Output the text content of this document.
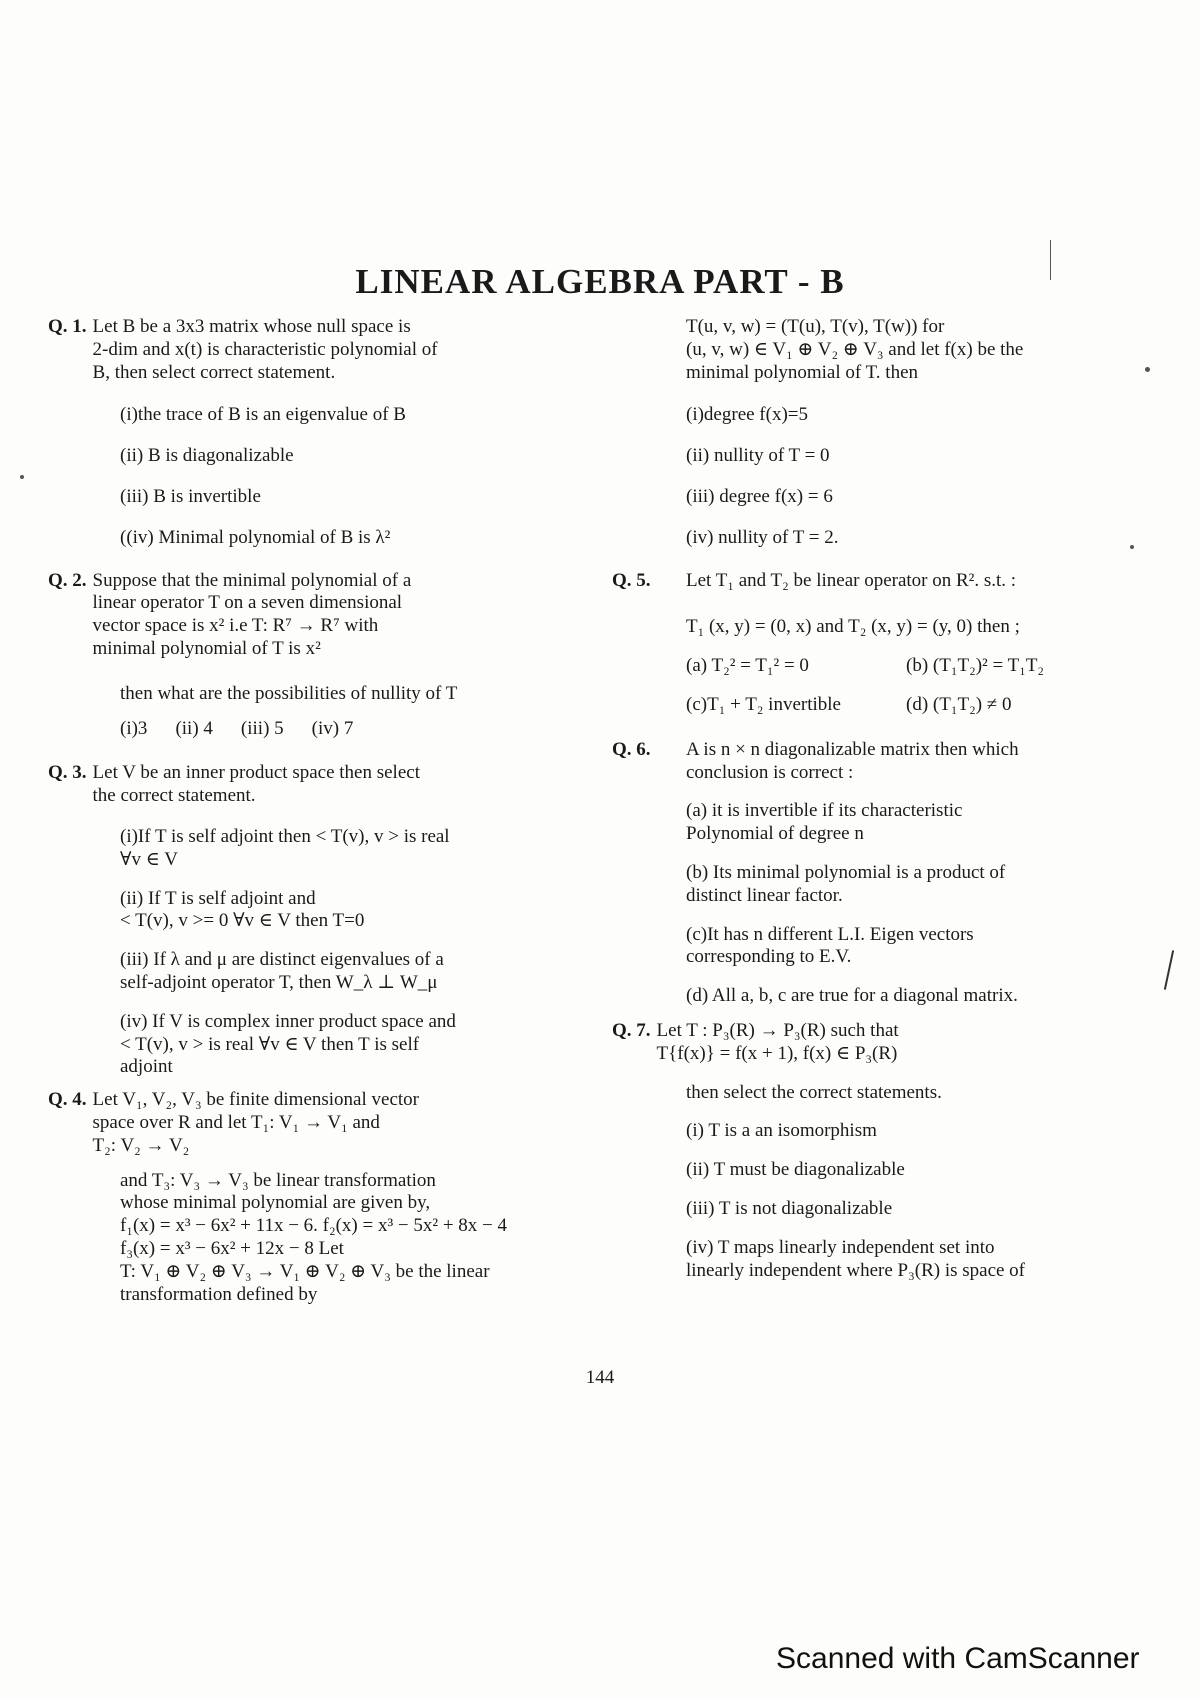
LINEAR ALGEBRA PART - B
Q. 1. Let B be a 3x3 matrix whose null space is
2-dim and x(t) is characteristic polynomial of
B, then select correct statement.
(i)the trace of B is an eigenvalue of B
(ii) B is diagonalizable
(iii) B is invertible
((iv) Minimal polynomial of B is λ²
Q. 2. Suppose that the minimal polynomial of a
linear operator T on a seven dimensional
vector space is x² i.e T: R⁷ → R⁷ with
minimal polynomial of T is x²
then what are the possibilities of nullity of T
(i)3 (ii) 4 (iii) 5 (iv) 7
Q. 3. Let V be an inner product space then select
the correct statement.
(i)If T is self adjoint then < T(v), v > is real
∀v ∈ V
(ii) If T is self adjoint and
< T(v), v >= 0 ∀v ∈ V then T=0
(iii) If λ and μ are distinct eigenvalues of a
self-adjoint operator T, then W_λ ⊥ W_μ
(iv) If V is complex inner product space and
< T(v), v > is real ∀v ∈ V then T is self
adjoint
Q. 4. Let V₁, V₂, V₃ be finite dimensional vector
space over R and let T₁: V₁ → V₁ and
T₂: V₂ → V₂
and T₃: V₃ → V₃ be linear transformation
whose minimal polynomial are given by,
f₁(x) = x³ − 6x² + 11x − 6. f₂(x) = x³ − 5x² + 8x − 4
f₃(x) = x³ − 6x² + 12x − 8 Let
T: V₁ ⊕ V₂ ⊕ V₃ → V₁ ⊕ V₂ ⊕ V₃ be the linear
transformation defined by
T(u, v, w) = (T(u), T(v), T(w)) for
(u, v, w) ∈ V₁ ⊕ V₂ ⊕ V₃ and let f(x) be the
minimal polynomial of T. then
(i)degree f(x)=5
(ii) nullity of T = 0
(iii) degree f(x) = 6
(iv) nullity of T = 2.
Q. 5.	Let T₁ and T₂ be linear operator on R². s.t. :
T₁ (x, y) = (0, x) and T₂ (x, y) = (y, 0) then ;
(a) T₂² = T₁² = 0	(b) (T₁T₂)² = T₁T₂
(c)T₁ + T₂ invertible	(d) (T₁T₂) ≠ 0
Q. 6.	A is n × n diagonalizable matrix then which
conclusion is correct :
(a) it is invertible if its characteristic
Polynomial of degree n
(b) Its minimal polynomial is a product of
distinct linear factor.
(c)It has n different L.I. Eigen vectors
corresponding to E.V.
(d) All a, b, c are true for a diagonal matrix.
Q. 7. Let T : P₃(R) → P₃(R) such that
T{f(x)} = f(x + 1), f(x) ∈ P₃(R)
then select the correct statements.
(i) T is a an isomorphism
(ii) T must be diagonalizable
(iii) T is not diagonalizable
(iv) T maps linearly independent set into
linearly independent where P₃(R) is space of
144
Scanned with CamScanner
